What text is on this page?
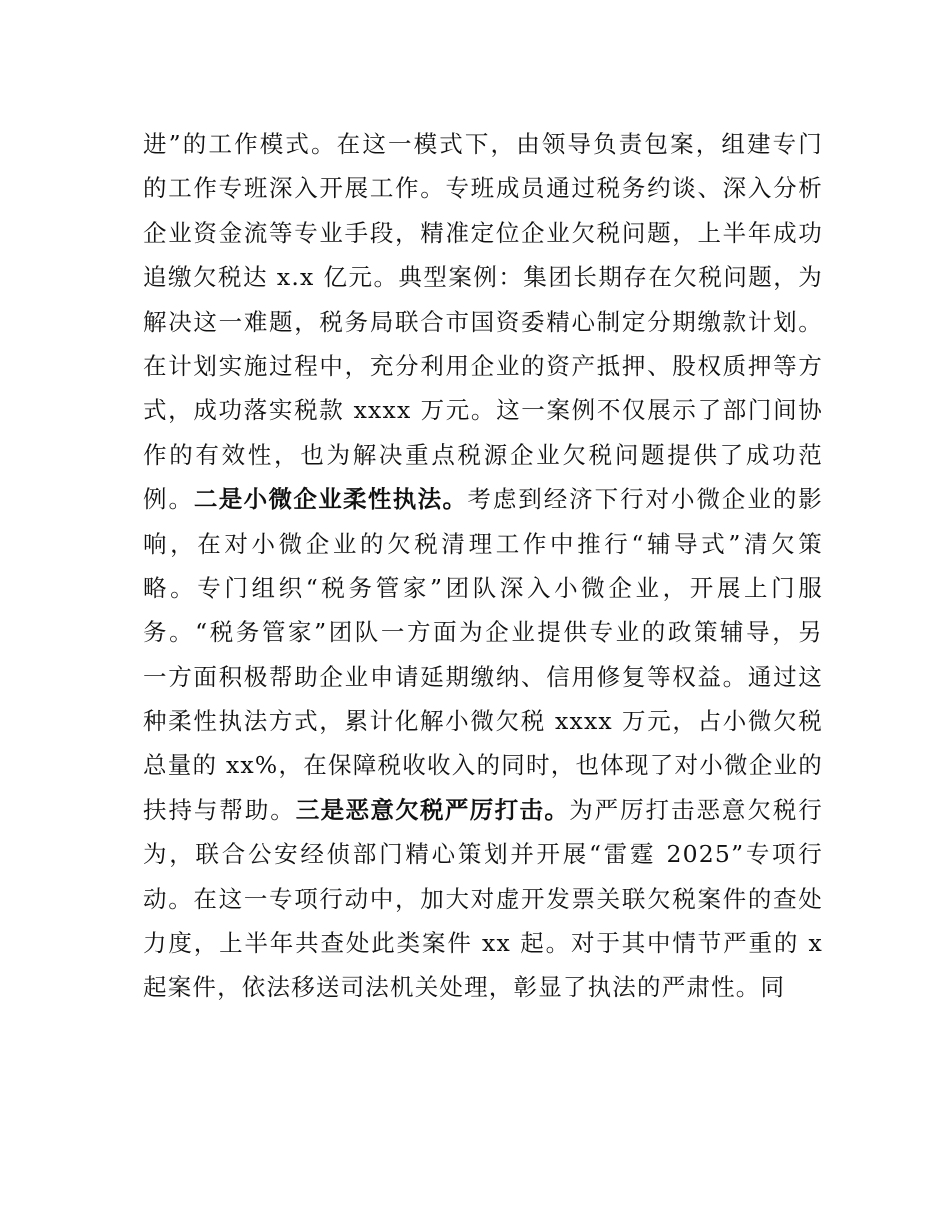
进”的工作模式。在这一模式下，由领导负责包案，组建专门
的工作专班深入开展工作。专班成员通过税务约谈、深入分析
企业资金流等专业手段，精准定位企业欠税问题，上半年成功
追缴欠税达 x.x 亿元。典型案例：集团长期存在欠税问题，为
解决这一难题，税务局联合市国资委精心制定分期缴款计划。
在计划实施过程中，充分利用企业的资产抵押、股权质押等方
式，成功落实税款 xxxx 万元。这一案例不仅展示了部门间协
作的有效性，也为解决重点税源企业欠税问题提供了成功范
例。二是小微企业柔性执法。考虑到经济下行对小微企业的影
响，在对小微企业的欠税清理工作中推行“辅导式”清欠策
略。专门组织“税务管家”团队深入小微企业，开展上门服
务。“税务管家”团队一方面为企业提供专业的政策辅导，另
一方面积极帮助企业申请延期缴纳、信用修复等权益。通过这
种柔性执法方式，累计化解小微欠税 xxxx 万元，占小微欠税
总量的 xx%，在保障税收收入的同时，也体现了对小微企业的
扶持与帮助。三是恶意欠税严厉打击。为严厉打击恶意欠税行
为，联合公安经侦部门精心策划并开展“雷霆 2025”专项行
动。在这一专项行动中，加大对虚开发票关联欠税案件的查处
力度，上半年共查处此类案件 xx 起。对于其中情节严重的 x
起案件，依法移送司法机关处理，彰显了执法的严肃性。同
